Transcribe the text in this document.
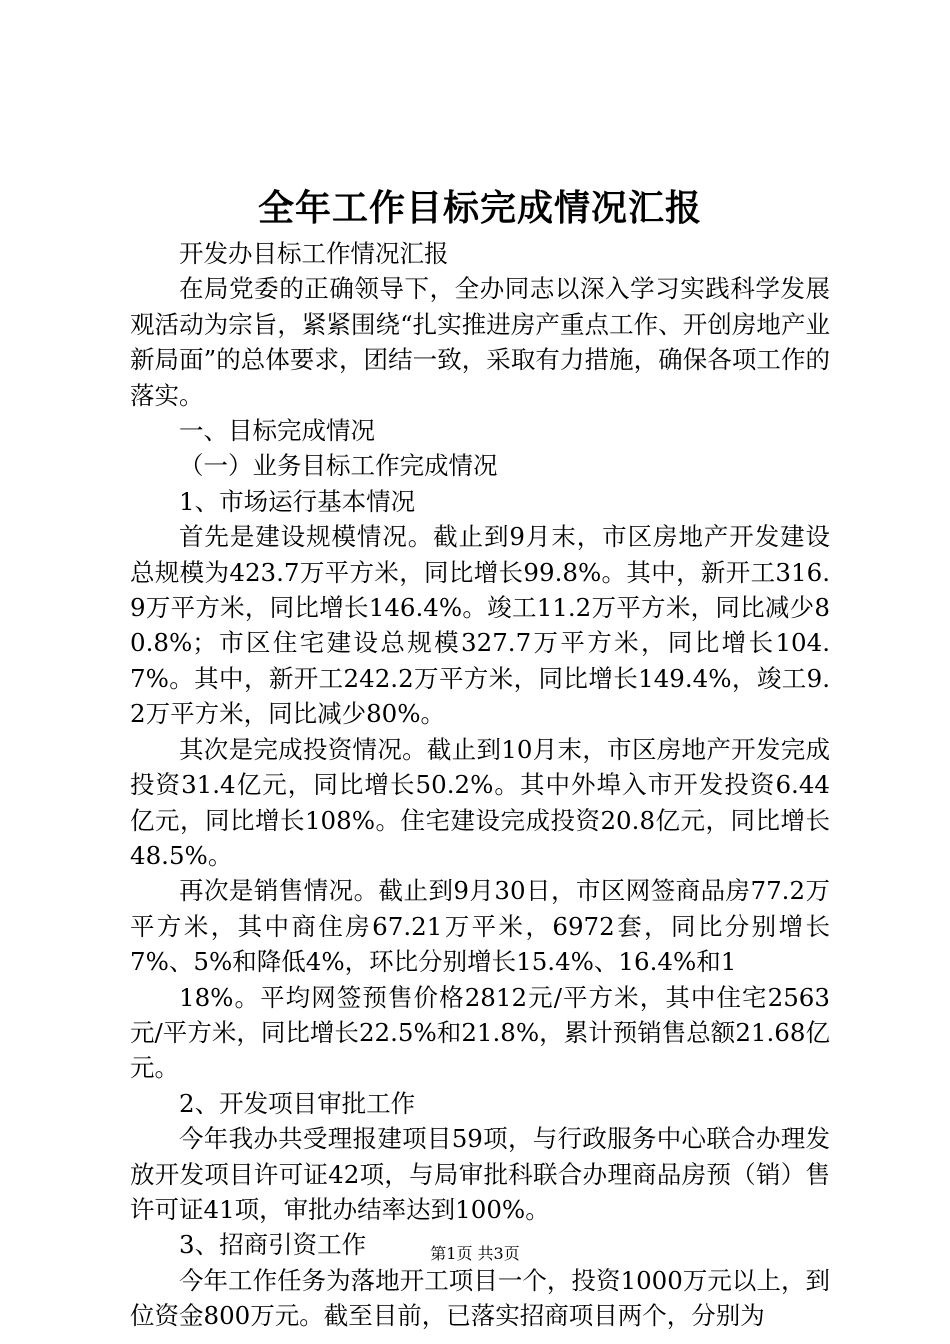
全年工作目标完成情况汇报

开发办目标工作情况汇报

在局党委的正确领导下，全办同志以深入学习实践科学发展观活动为宗旨，紧紧围绕“扎实推进房产重点工作、开创房地产业新局面”的总体要求，团结一致，采取有力措施，确保各项工作的落实。

一、目标完成情况

（一）业务目标工作完成情况

1、市场运行基本情况

首先是建设规模情况。截止到9月末，市区房地产开发建设总规模为423.7万平方米，同比增长99.8%。其中，新开工316.9万平方米，同比增长146.4%。竣工11.2万平方米，同比减少80.8%；市区住宅建设总规模327.7万平方米，同比增长104.7%。其中，新开工242.2万平方米，同比增长149.4%，竣工9.2万平方米，同比减少80%。

其次是完成投资情况。截止到10月末，市区房地产开发完成投资31.4亿元，同比增长50.2%。其中外埠入市开发投资6.44亿元，同比增长108%。住宅建设完成投资20.8亿元，同比增长48.5%。

再次是销售情况。截止到9月30日，市区网签商品房77.2万平方米，其中商住房67.21万平米，6972套，同比分别增长7%、5%和降低4%，环比分别增长15.4%、16.4%和1

18%。平均网签预售价格2812元/平方米，其中住宅2563元/平方米，同比增长22.5%和21.8%，累计预销售总额21.68亿元。

2、开发项目审批工作

今年我办共受理报建项目59项，与行政服务中心联合办理发放开发项目许可证42项，与局审批科联合办理商品房预（销）售许可证41项，审批办结率达到100%。

3、招商引资工作

今年工作任务为落地开工项目一个，投资1000万元以上，到位资金800万元。截至目前，已落实招商项目两个，分别为

第1页 共3页
